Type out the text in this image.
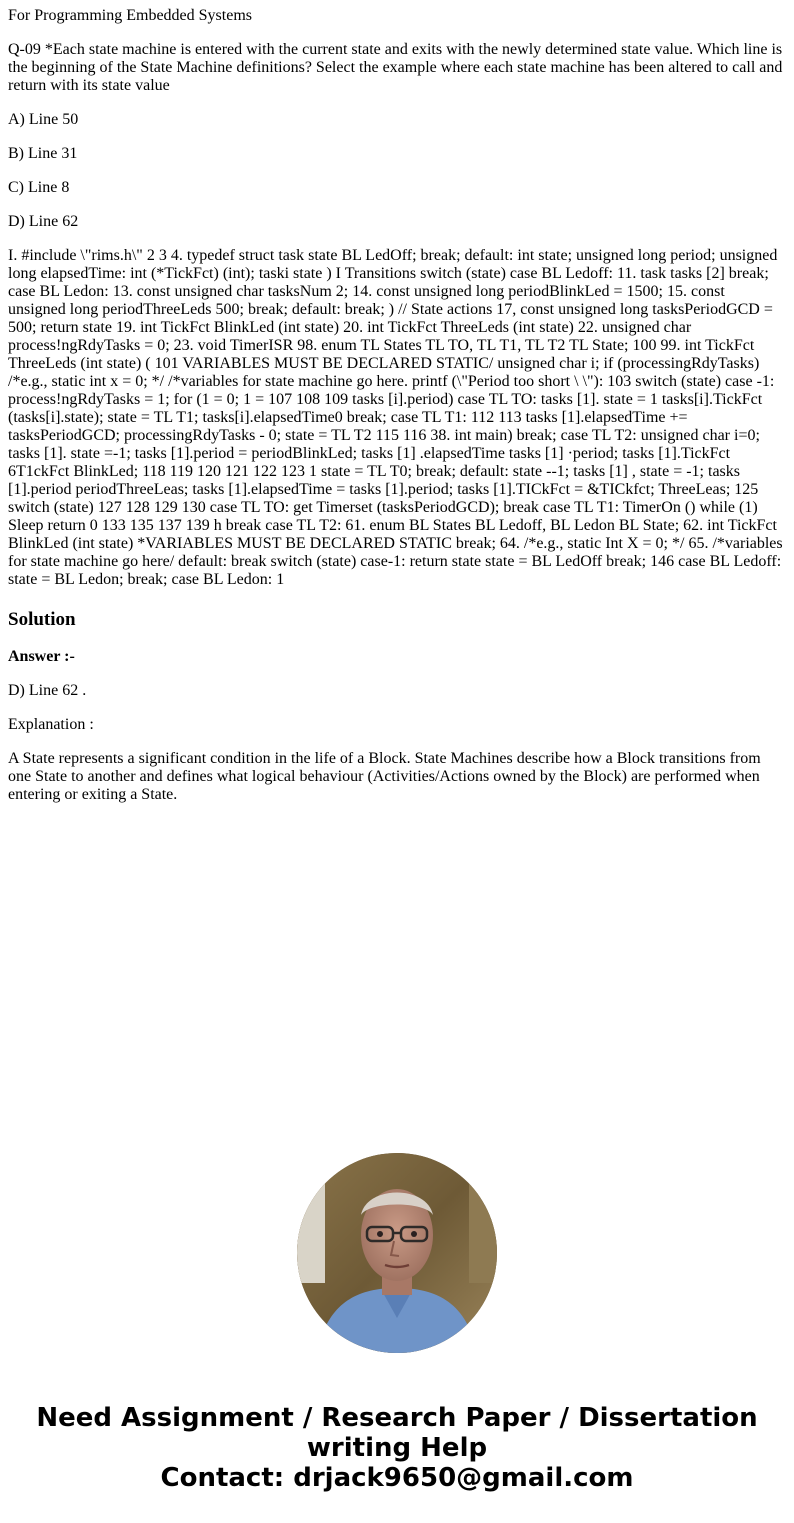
For Programming Embedded Systems

Q-09 *Each state machine is entered with the current state and exits with the newly determined state value. Which line is the beginning of the State Machine definitions? Select the example where each state machine has been altered to call and return with its state value

A) Line 50

B) Line 31

C) Line 8

D) Line 62

I. #include \"rims.h\" 2 3 4. typedef struct task state BL LedOff; break; default: int state; unsigned long period; unsigned long elapsedTime: int (*TickFct) (int); taski state ) I Transitions switch (state) case BL Ledoff: 11. task tasks [2] break; case BL Ledon: 13. const unsigned char tasksNum 2; 14. const unsigned long periodBlinkLed = 1500; 15. const unsigned long periodThreeLeds 500; break; default: break; ) // State actions 17, const unsigned long tasksPeriodGCD = 500; return state 19. int TickFct BlinkLed (int state) 20. int TickFct ThreeLeds (int state) 22. unsigned char process!ngRdyTasks = 0; 23. void TimerISR 98. enum TL States TL TO, TL T1, TL T2 TL State; 100 99. int TickFct ThreeLeds (int state) ( 101 VARIABLES MUST BE DECLARED STATIC/ unsigned char i; if (processingRdyTasks) /*e.g., static int x = 0; */ /*variables for state machine go here. printf (\"Period too short \ \"): 103 switch (state) case -1: process!ngRdyTasks = 1; for (1 = 0; 1 = 107 108 109 tasks [i].period) case TL TO: tasks [1]. state = 1 tasks[i].TickFct (tasks[i].state); state = TL T1; tasks[i].elapsedTime0 break; case TL T1: 112 113 tasks [1].elapsedTime += tasksPeriodGCD; processingRdyTasks - 0; state = TL T2 115 116 38. int main) break; case TL T2: unsigned char i=0; tasks [1]. state =-1; tasks [1].period = periodBlinkLed; tasks [1] .elapsedTime tasks [1] ·period; tasks [1].TickFct 6T1ckFct BlinkLed; 118 119 120 121 122 123 1 state = TL T0; break; default: state --1; tasks [1] , state = -1; tasks [1].period periodThreeLeas; tasks [1].elapsedTime = tasks [1].period; tasks [1].TICkFct = &TICkfct; ThreeLeas; 125 switch (state) 127 128 129 130 case TL TO: get Timerset (tasksPeriodGCD); break case TL T1: TimerOn () while (1) Sleep return 0 133 135 137 139 h break case TL T2: 61. enum BL States BL Ledoff, BL Ledon BL State; 62. int TickFct BlinkLed (int state) *VARIABLES MUST BE DECLARED STATIC break; 64. /*e.g., static Int X = 0; */ 65. /*variables for state machine go here/ default: break switch (state) case-1: return state state = BL LedOff break; 146 case BL Ledoff: state = BL Ledon; break; case BL Ledon: 1

Solution

Answer :-

D) Line 62 .

Explanation :

A State represents a significant condition in the life of a Block. State Machines describe how a Block transitions from one State to another and defines what logical behaviour (Activities/Actions owned by the Block) are performed when entering or exiting a State.

Need Assignment / Research Paper / Dissertation
writing Help
Contact: drjack9650@gmail.com
